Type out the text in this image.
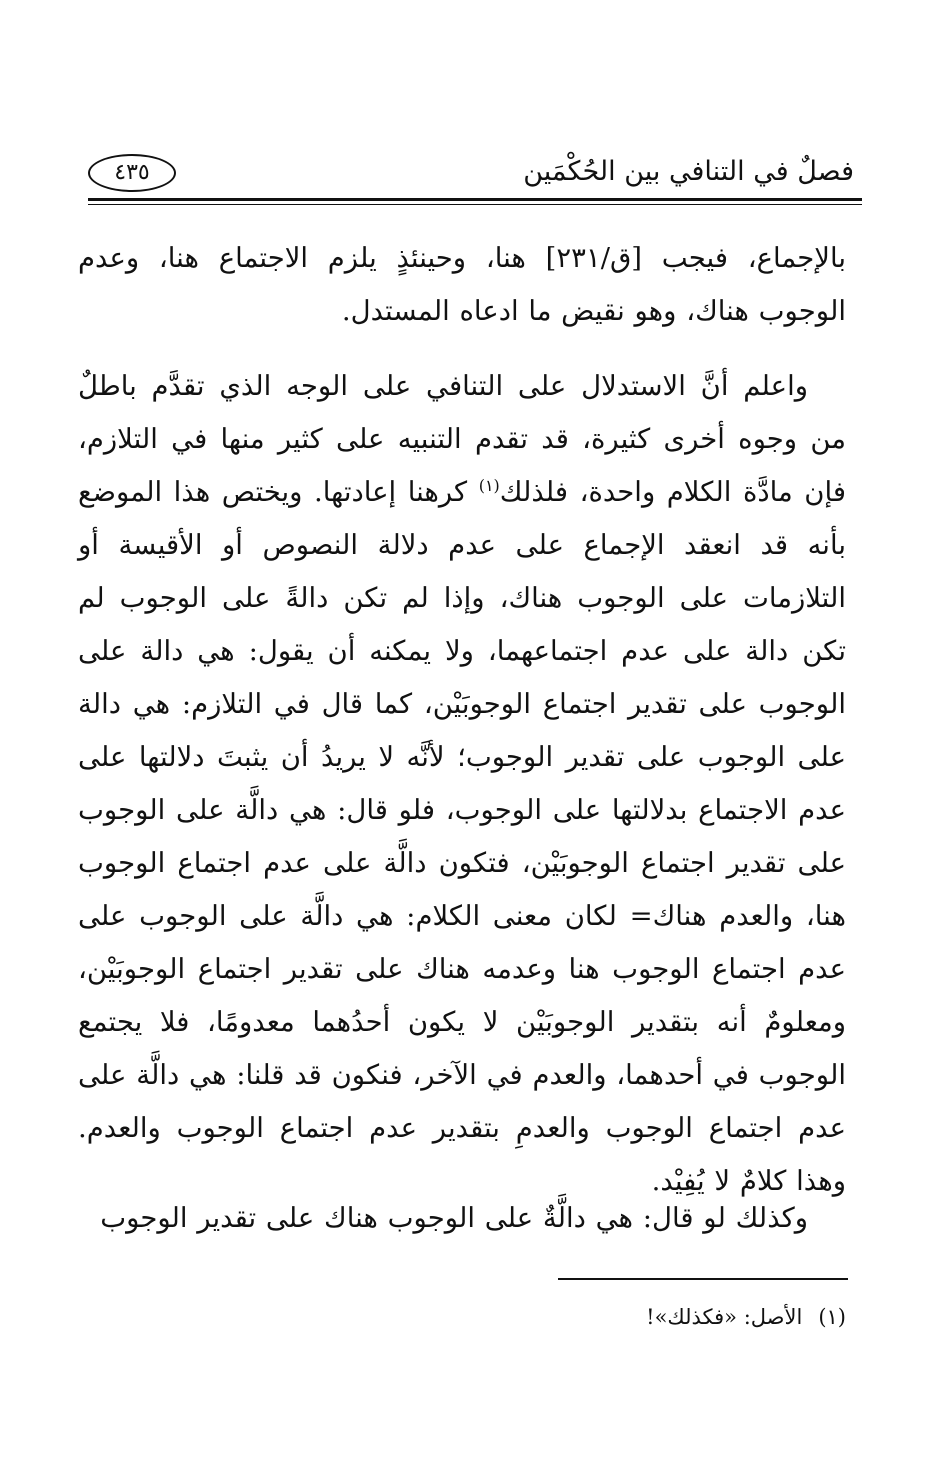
فصلٌ في التنافي بين الحُكْمَين
٤٣٥
بالإجماع، فيجب [ق/٢٣١] هنا، وحينئذٍ يلزم الاجتماع هنا، وعدم الوجوب هناك، وهو نقيض ما ادعاه المستدل.
واعلم أنَّ الاستدلال على التنافي على الوجه الذي تقدَّم باطلٌ من وجوه أخرى كثيرة، قد تقدم التنبيه على كثير منها في التلازم، فإن مادَّة الكلام واحدة، فلذلك$^{(١)}$ كرهنا إعادتها. ويختص هذا الموضع بأنه قد انعقد الإجماع على عدم دلالة النصوص أو الأقيسة أو التلازمات على الوجوب هناك، وإذا لم تكن دالةً على الوجوب لم تكن دالة على عدم اجتماعهما، ولا يمكنه أن يقول: هي دالة على الوجوب على تقدير اجتماع الوجوبَيْن، كما قال في التلازم: هي دالة على الوجوب على تقدير الوجوب؛ لأنَّه لا يريدُ أن يثبتَ دلالتها على عدم الاجتماع بدلالتها على الوجوب، فلو قال: هي دالَّة على الوجوب على تقدير اجتماع الوجوبَيْن، فتكون دالَّة على عدم اجتماع الوجوب هنا، والعدم هناك= لكان معنى الكلام: هي دالَّة على الوجوب على عدم اجتماع الوجوب هنا وعدمه هناك على تقدير اجتماع الوجوبَيْن، ومعلومٌ أنه بتقدير الوجوبَيْن لا يكون أحدُهما معدومًا، فلا يجتمع الوجوب في أحدهما، والعدم في الآخر، فنكون قد قلنا: هي دالَّة على عدم اجتماع الوجوب والعدمِ بتقدير عدم اجتماع الوجوب والعدم. وهذا كلامٌ لا يُفِيْد.
وكذلك لو قال: هي دالَّةٌ على الوجوب هناك على تقدير الوجوب
(١)الأصل: «فكذلك»!
